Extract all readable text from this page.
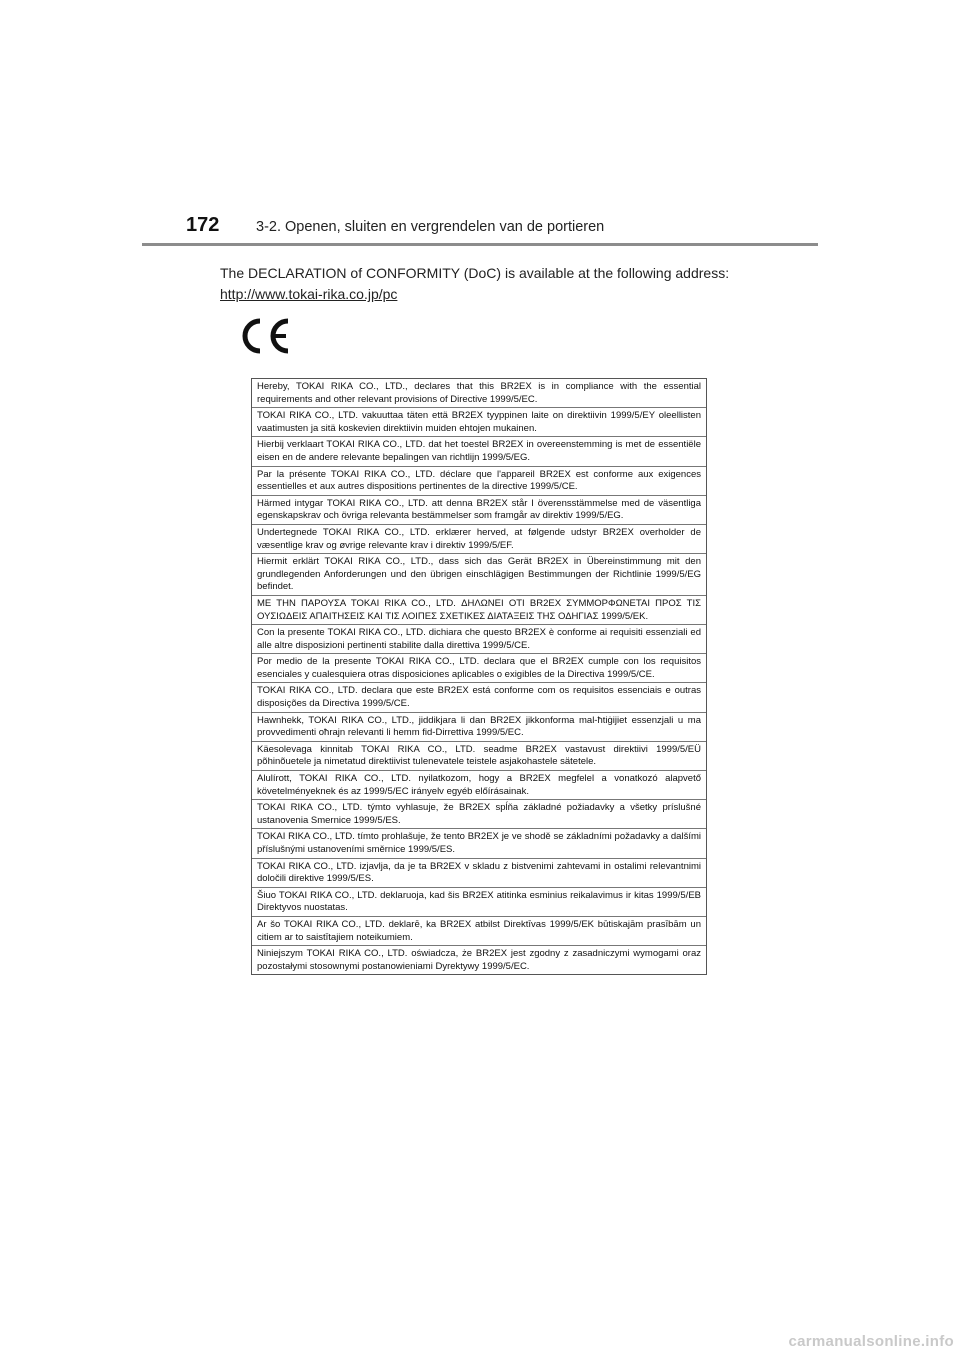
172	3-2. Openen, sluiten en vergrendelen van de portieren
The DECLARATION of CONFORMITY (DoC) is available at the following address:
http://www.tokai-rika.co.jp/pc
Hereby, TOKAI RIKA CO., LTD., declares that this BR2EX is in compliance with the essential requirements and other relevant provisions of Directive 1999/5/EC.
TOKAI RIKA CO., LTD. vakuuttaa täten että BR2EX tyyppinen laite on direktiivin 1999/5/EY oleellisten vaatimusten ja sitä koskevien direktiivin muiden ehtojen mukainen.
Hierbij verklaart TOKAI RIKA CO., LTD. dat het toestel BR2EX in overeenstemming is met de essentiële eisen en de andere relevante bepalingen van richtlijn 1999/5/EG.
Par la présente TOKAI RIKA CO., LTD. déclare que l'appareil BR2EX est conforme aux exigences essentielles et aux autres dispositions pertinentes de la directive 1999/5/CE.
Härmed intygar TOKAI RIKA CO., LTD. att denna BR2EX står I överensstämmelse med de väsentliga egenskapskrav och övriga relevanta bestämmelser som framgår av direktiv 1999/5/EG.
Undertegnede TOKAI RIKA CO., LTD. erklærer herved, at følgende udstyr BR2EX overholder de væsentlige krav og øvrige relevante krav i direktiv 1999/5/EF.
Hiermit erklärt TOKAI RIKA CO., LTD., dass sich das Gerät BR2EX in Übereinstimmung mit den grundlegenden Anforderungen und den übrigen einschlägigen Bestimmungen der Richtlinie 1999/5/EG befindet.
ΜΕ ΤΗΝ ΠΑΡΟΥΣΑ TOKAI RIKA CO., LTD. ΔΗΛΩΝΕΙ ΟΤΙ BR2EX ΣΥΜΜΟΡΦΩΝΕΤΑΙ ΠΡΟΣ ΤΙΣ ΟΥΣΙΩΔΕΙΣ ΑΠΑΙΤΗΣΕΙΣ ΚΑΙ ΤΙΣ ΛΟΙΠΕΣ ΣΧΕΤΙΚΕΣ ΔΙΑΤΑΞΕΙΣ ΤΗΣ ΟΔΗΓΙΑΣ 1999/5/ΕΚ.
Con la presente TOKAI RIKA CO., LTD. dichiara che questo BR2EX è conforme ai requisiti essenziali ed alle altre disposizioni pertinenti stabilite dalla direttiva 1999/5/CE.
Por medio de la presente TOKAI RIKA CO., LTD. declara que el BR2EX cumple con los requisitos esenciales y cualesquiera otras disposiciones aplicables o exigibles de la Directiva 1999/5/CE.
TOKAI RIKA CO., LTD. declara que este BR2EX está conforme com os requisitos essenciais e outras disposições da Directiva 1999/5/CE.
Hawnhekk, TOKAI RIKA CO., LTD., jiddikjara li dan BR2EX jikkonforma mal-ħtiġijiet essenzjali u ma provvedimenti oħrajn relevanti li hemm fid-Dirrettiva 1999/5/EC.
Käesolevaga kinnitab TOKAI RIKA CO., LTD. seadme BR2EX vastavust direktiivi 1999/5/EÜ põhinõuetele ja nimetatud direktiivist tulenevatele teistele asjakohastele sätetele.
Alulírott, TOKAI RIKA CO., LTD. nyilatkozom, hogy a BR2EX megfelel a vonatkozó alapvető követelményeknek és az 1999/5/EC irányelv egyéb előírásainak.
TOKAI RIKA CO., LTD. týmto vyhlasuje, že BR2EX spĺňa základné požiadavky a všetky príslušné ustanovenia Smernice 1999/5/ES.
TOKAI RIKA CO., LTD. tímto prohlašuje, že tento BR2EX je ve shodě se základními požadavky a dalšími příslušnými ustanoveními směrnice 1999/5/ES.
TOKAI RIKA CO., LTD. izjavlja, da je ta BR2EX v skladu z bistvenimi zahtevami in ostalimi relevantnimi določili direktive 1999/5/ES.
Šiuo TOKAI RIKA CO., LTD. deklaruoja, kad šis BR2EX atitinka esminius reikalavimus ir kitas 1999/5/EB Direktyvos nuostatas.
Ar šo TOKAI RIKA CO., LTD. deklarē, ka BR2EX atbilst Direktīvas 1999/5/EK būtiskajām prasībām un citiem ar to saistītajiem noteikumiem.
Niniejszym TOKAI RIKA CO., LTD. oświadcza, że BR2EX jest zgodny z zasadniczymi wymogami oraz pozostałymi stosownymi postanowieniami Dyrektywy 1999/5/EC.
carmanualsonline.info
